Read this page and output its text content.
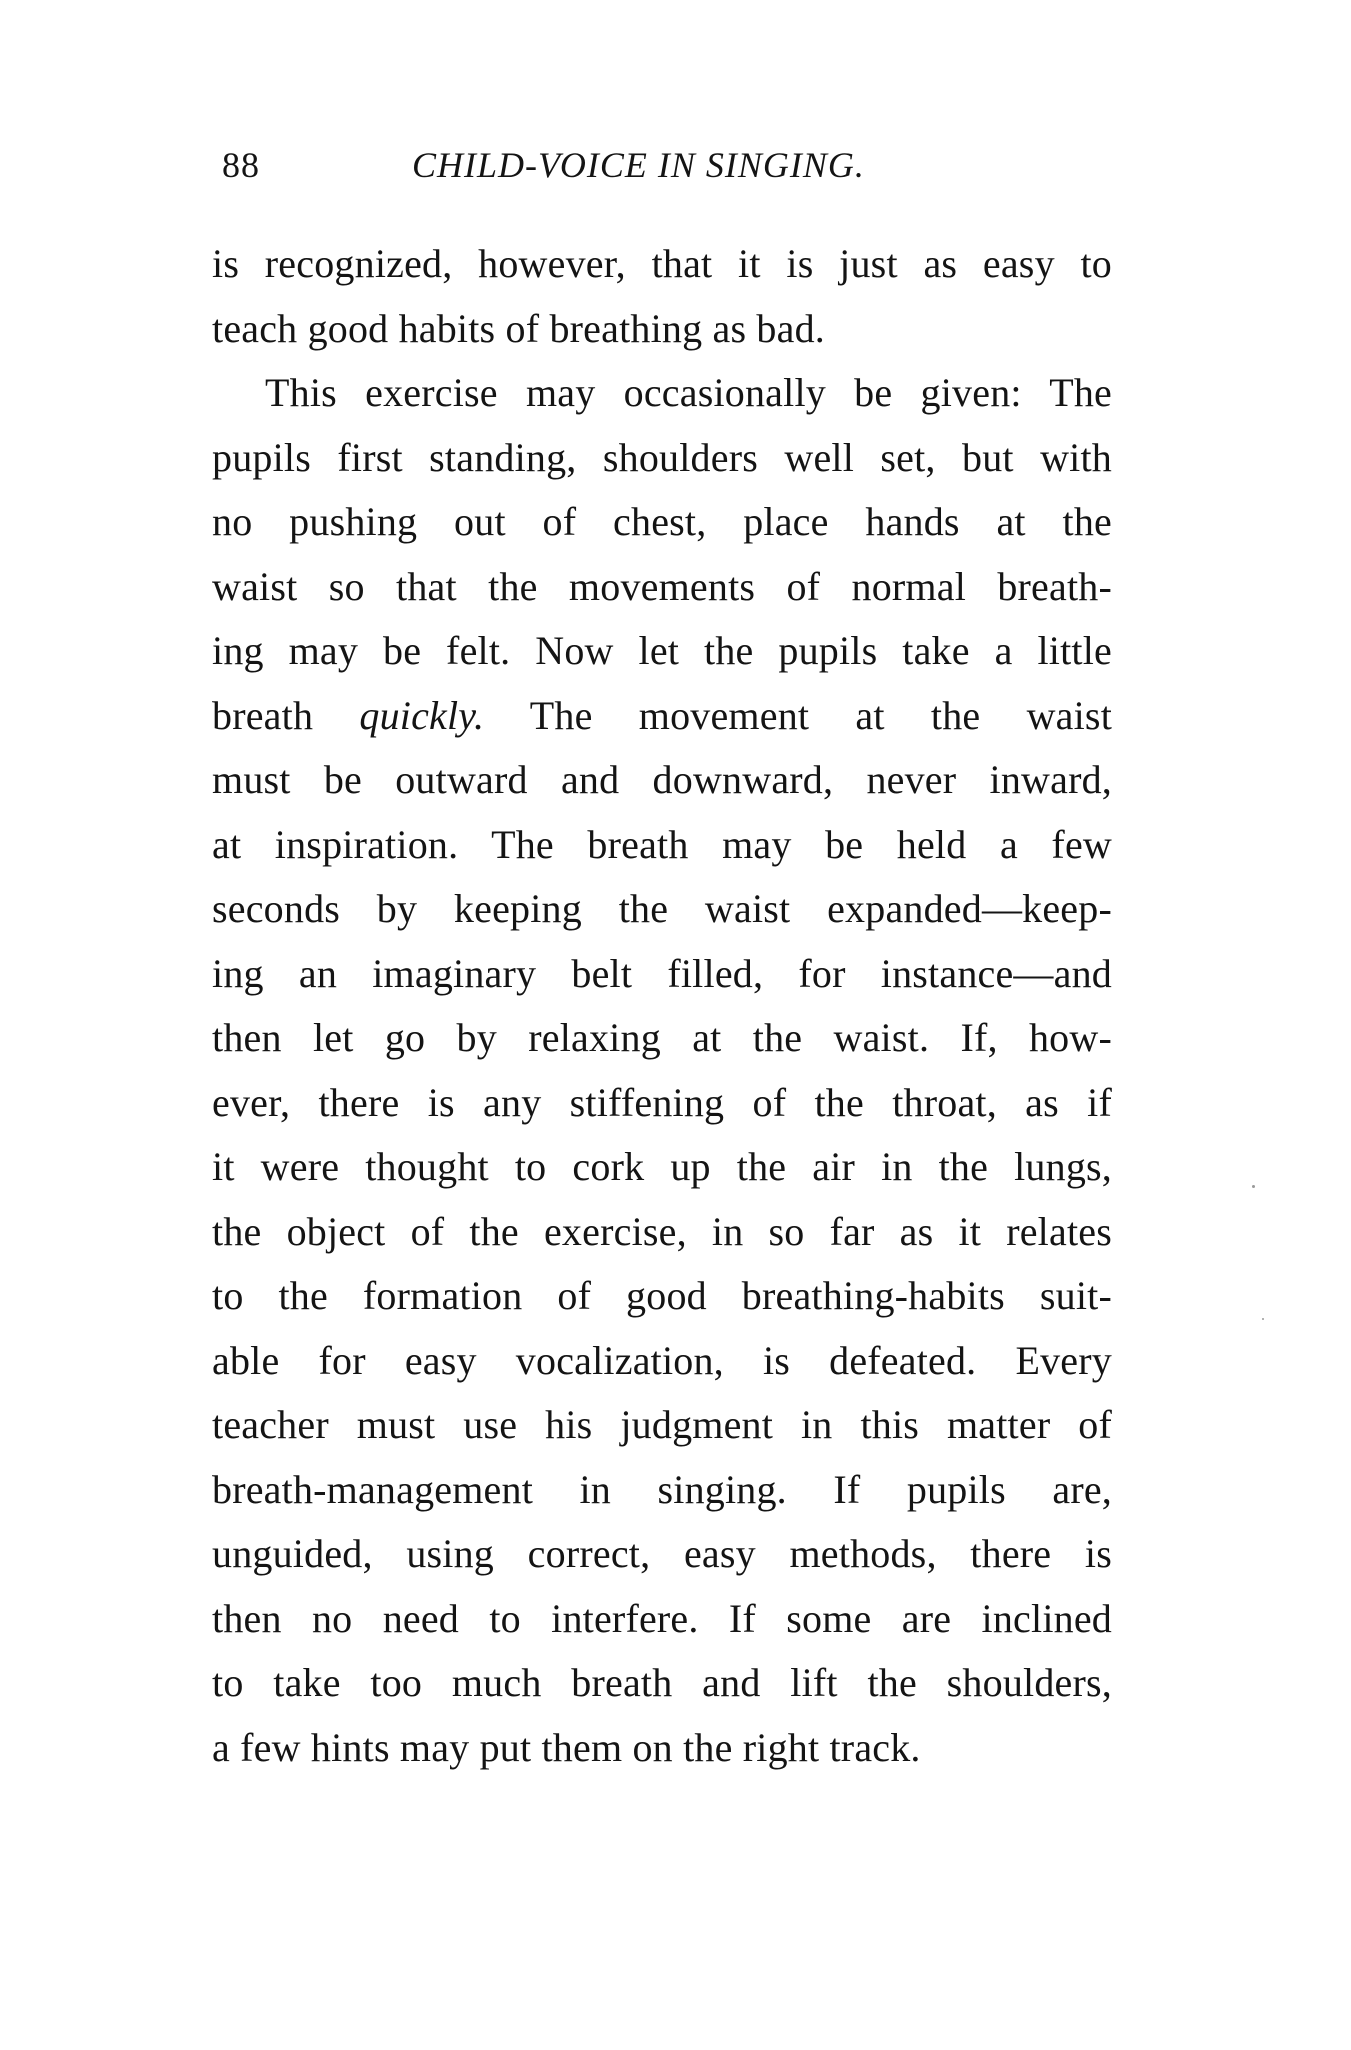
88	CHILD-VOICE IN SINGING.
is recognized, however, that it is just as easy to
teach good habits of breathing as bad.
This exercise may occasionally be given: The
pupils first standing, shoulders well set, but with
no pushing out of chest, place hands at the
waist so that the movements of normal breath-
ing may be felt. Now let the pupils take a little
breath quickly. The movement at the waist
must be outward and downward, never inward,
at inspiration. The breath may be held a few
seconds by keeping the waist expanded—keep-
ing an imaginary belt filled, for instance—and
then let go by relaxing at the waist. If, how-
ever, there is any stiffening of the throat, as if
it were thought to cork up the air in the lungs,
the object of the exercise, in so far as it relates
to the formation of good breathing-habits suit-
able for easy vocalization, is defeated. Every
teacher must use his judgment in this matter of
breath-management in singing. If pupils are,
unguided, using correct, easy methods, there is
then no need to interfere. If some are inclined
to take too much breath and lift the shoulders,
a few hints may put them on the right track.
